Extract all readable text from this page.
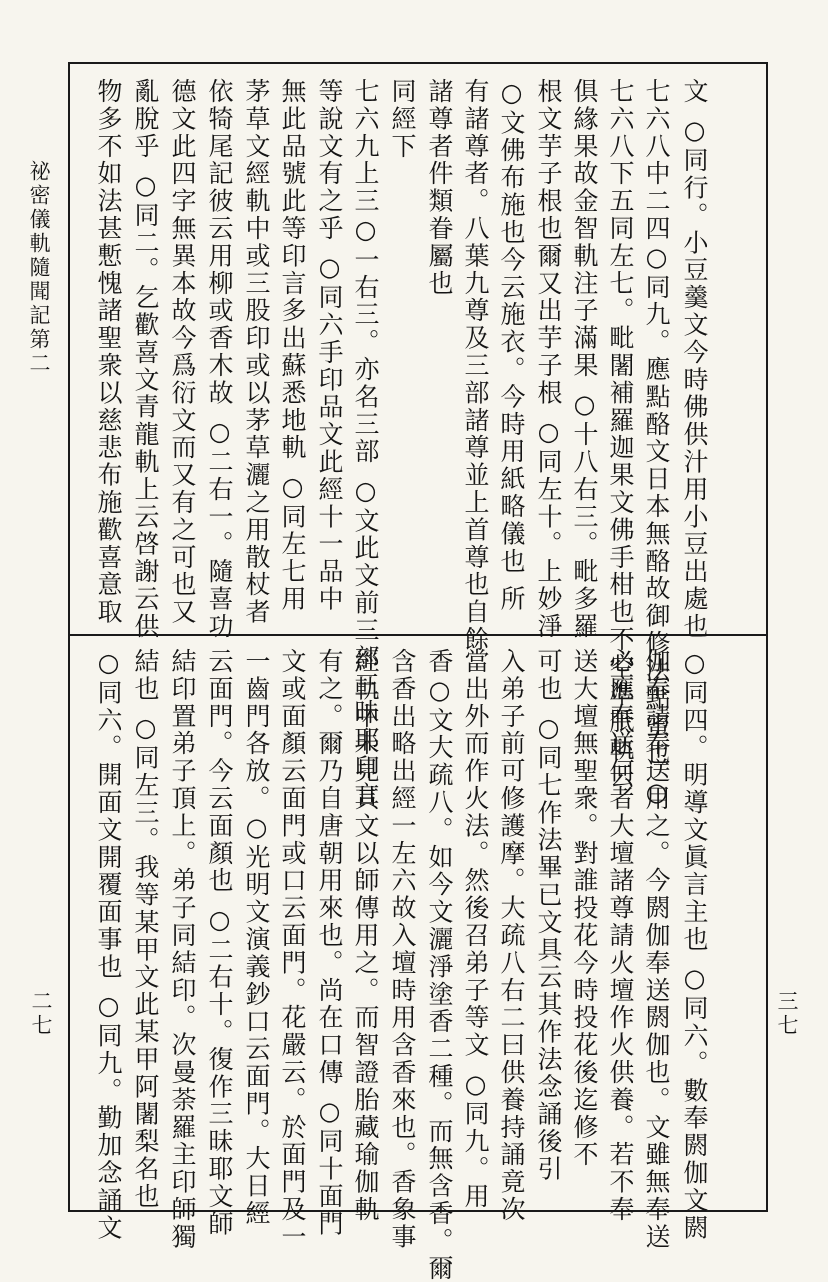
祕密儀軌隨聞記第二
二七	三七
文 ○同行。小豆羹文今時佛供汁用小豆出處也
七六八中二四○同九。應點酪文日本無酪故御修法點蜜也 ○
七六八下五同左七。毗闍補羅迦果文佛手柑也不空準胝軌云
俱緣果故金智軌注子滿果 ○十八右三。毗多羅
根文芋子根也爾又出芋子根 ○同左十。上妙淨
○文佛布施也今云施衣。今時用紙略儀也 所
有諸尊者。八葉九尊及三部諸尊並上首尊也自餘
諸尊者件類眷屬也
同經下
七六九上三○一右三。亦名三部 ○文此文前三部三昧耶印言
等說文有之乎 ○同六手印品文此經十一品中
無此品號此等印言多出蘇悉地軌 ○同左七用
茅草文經軌中或三股印或以茅草灑之用散杖者
依犄尾記彼云用柳或香木故 ○二右一。隨喜功
德文此四字無異本故今爲衍文而又有之可也又
亂脫乎 ○同二。乞歡喜文青龍軌上云啓謝云供
物多不如法甚慙愧諸聖衆以慈悲布施歡喜意取
○同四。明導文眞言主也 ○同六。數奉閼伽文閼
伽奉請奉送用之。今閼伽奉送閼伽也。文雖無奉送
必應奉送何者大壇諸尊請火壇作火供養。若不奉
送大壇無聖衆。對誰投花今時投花後迄修不
可也 ○同七作法畢已文具云其作法念誦後引
入弟子前可修護摩。大疏八右二曰供養持誦竟次
當出外而作火法。然後召弟子等文 ○同九。用
香○文大疏八。如今文灑淨塗香二種。而無含香。爾
含香出略出經一左六故入壇時用含香來也。香象事
經軌中未見其文以師傳用之。而智證胎藏瑜伽軌
有之。爾乃自唐朝用來也。尚在口傳 ○同十面門
文或面顏云面門或口云面門。花嚴云。於面門及一
一齒門各放。○光明文演義鈔口云面門。大日經
云面門。今云面顏也 ○二右十。復作三昧耶文師
結印置弟子頂上。弟子同結印。次曼荼羅主印師獨
結也 ○同左三。我等某甲文此某甲阿闍梨名也
○同六。開面文開覆面事也 ○同九。勤加念誦文
